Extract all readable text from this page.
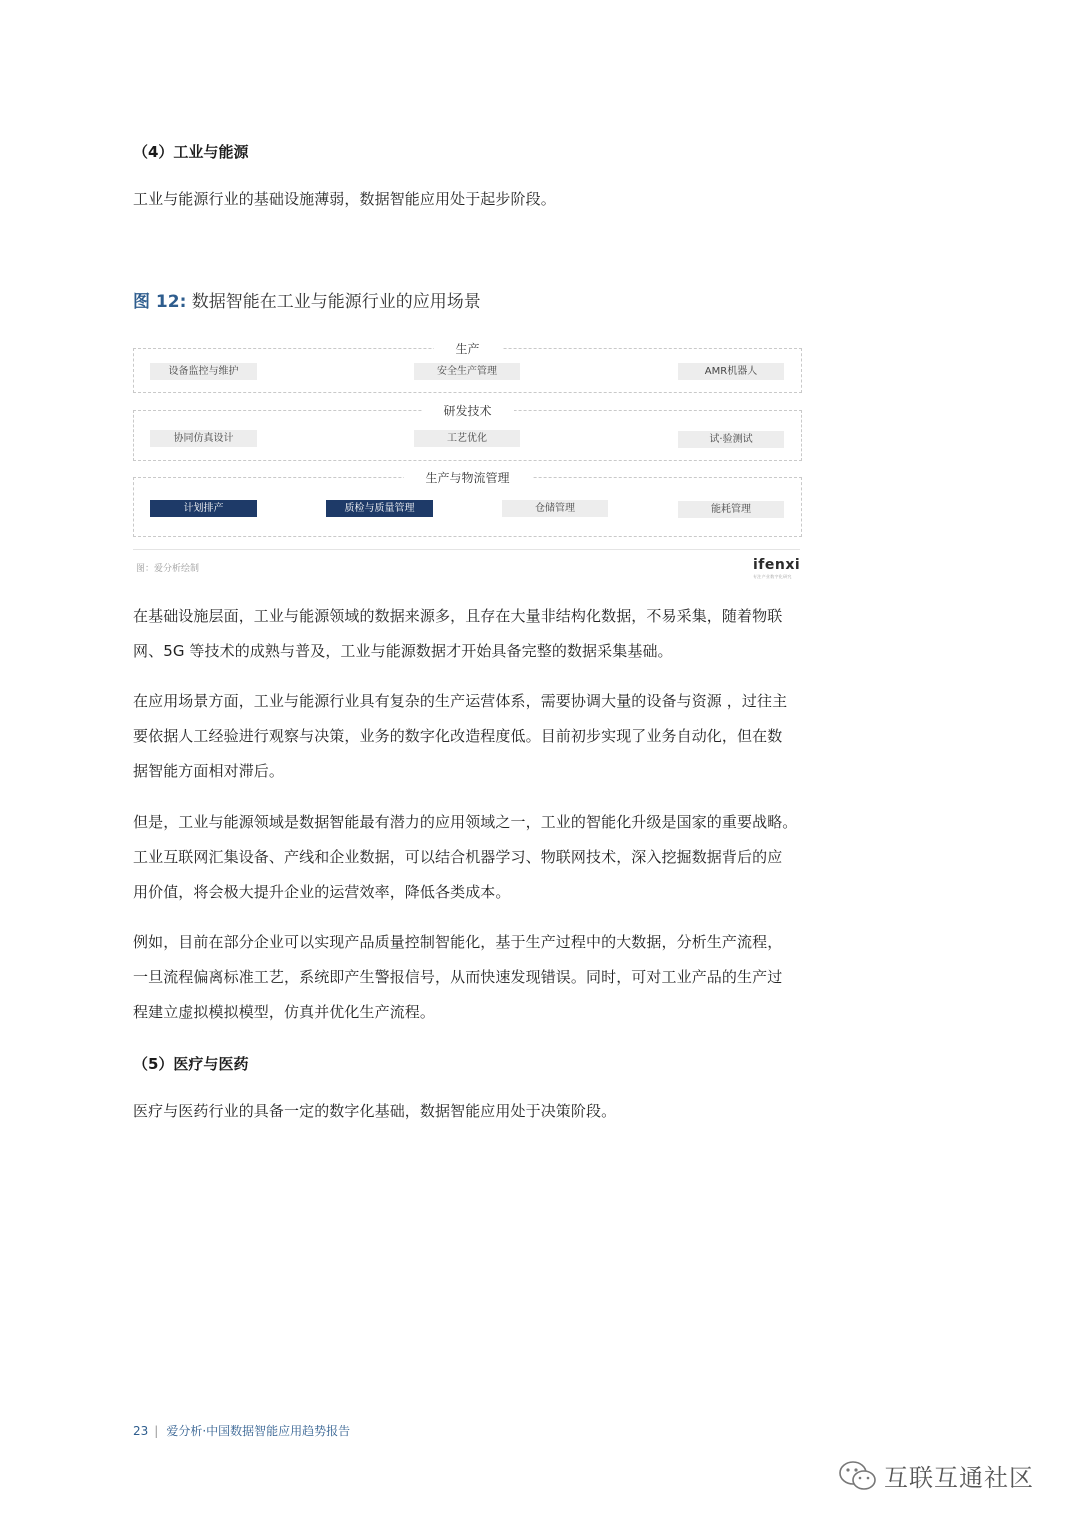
（4）工业与能源
工业与能源行业的基础设施薄弱，数据智能应用处于起步阶段。
图 12: 数据智能在工业与能源行业的应用场景
生产
设备监控与维护	安全生产管理	AMR机器人
研发技术
协同仿真设计	工艺优化	试·验测试
生产与物流管理
计划排产	质检与质量管理	仓储管理	能耗管理
图：爱分析绘制	ifenxi
专注产业数字化研究
在基础设施层面，工业与能源领域的数据来源多，且存在大量非结构化数据，不易采集，随着物联
网、5G 等技术的成熟与普及，工业与能源数据才开始具备完整的数据采集基础。
在应用场景方面，工业与能源行业具有复杂的生产运营体系，需要协调大量的设备与资源 ，过往主
要依据人工经验进行观察与决策，业务的数字化改造程度低。目前初步实现了业务自动化，但在数
据智能方面相对滞后。
但是，工业与能源领域是数据智能最有潜力的应用领域之一，工业的智能化升级是国家的重要战略。
工业互联网汇集设备、产线和企业数据，可以结合机器学习、物联网技术，深入挖掘数据背后的应
用价值，将会极大提升企业的运营效率，降低各类成本。
例如，目前在部分企业可以实现产品质量控制智能化，基于生产过程中的大数据，分析生产流程，
一旦流程偏离标准工艺，系统即产生警报信号，从而快速发现错误。同时，可对工业产品的生产过
程建立虚拟模拟模型，仿真并优化生产流程。
（5）医疗与医药
医疗与医药行业的具备一定的数字化基础，数据智能应用处于决策阶段。
23 | 爱分析·中国数据智能应用趋势报告
互联互通社区
